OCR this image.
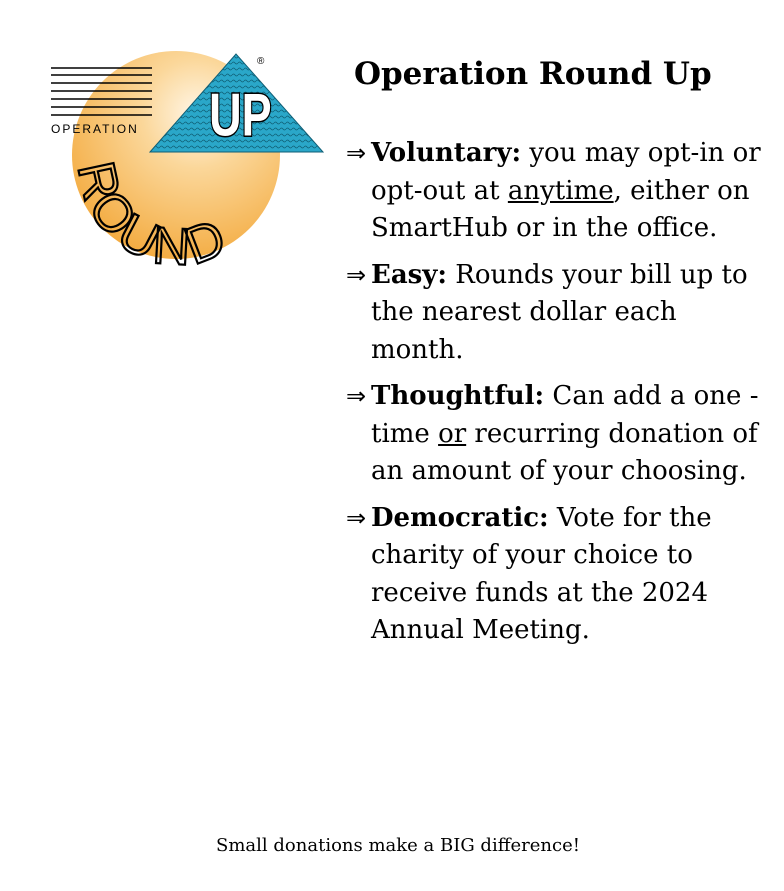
OPERATION UP
®
ROUND
Operation Round Up
⇒ Voluntary: you may opt-in or opt-out at anytime, either on SmartHub or in the office.
⇒ Easy: Rounds your bill up to the nearest dollar each month.
⇒ Thoughtful: Can add a one -time or recurring donation of an amount of your choosing.
⇒ Democratic: Vote for the charity of your choice to receive funds at the 2024 Annual Meeting.
Small donations make a BIG difference!
